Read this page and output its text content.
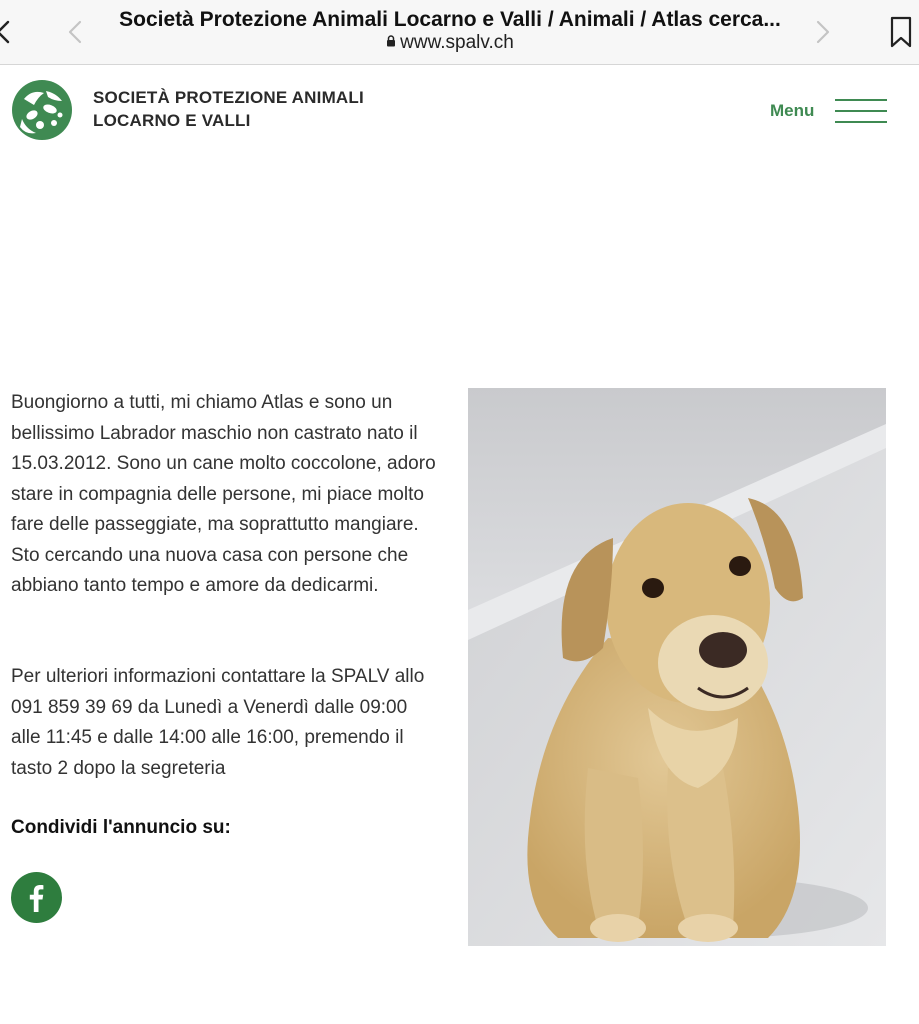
Società Protezione Animali Locarno e Valli / Animali / Atlas cerca...
www.spalv.ch
SOCIETÀ PROTEZIONE ANIMALI
LOCARNO E VALLI
Menu
Buongiorno a tutti, mi chiamo Atlas e sono un bellissimo Labrador maschio non castrato nato il 15.03.2012. Sono un cane molto coccolone, adoro stare in compagnia delle persone, mi piace molto fare delle passeggiate, ma soprattutto mangiare. Sto cercando una nuova casa con persone che abbiano tanto tempo e amore da dedicarmi.
Per ulteriori informazioni contattare la SPALV allo 091 859 39 69 da Lunedì a Venerdì dalle 09:00 alle 11:45 e dalle 14:00 alle 16:00, premendo il tasto 2 dopo la segreteria
Condividi l'annuncio su:
